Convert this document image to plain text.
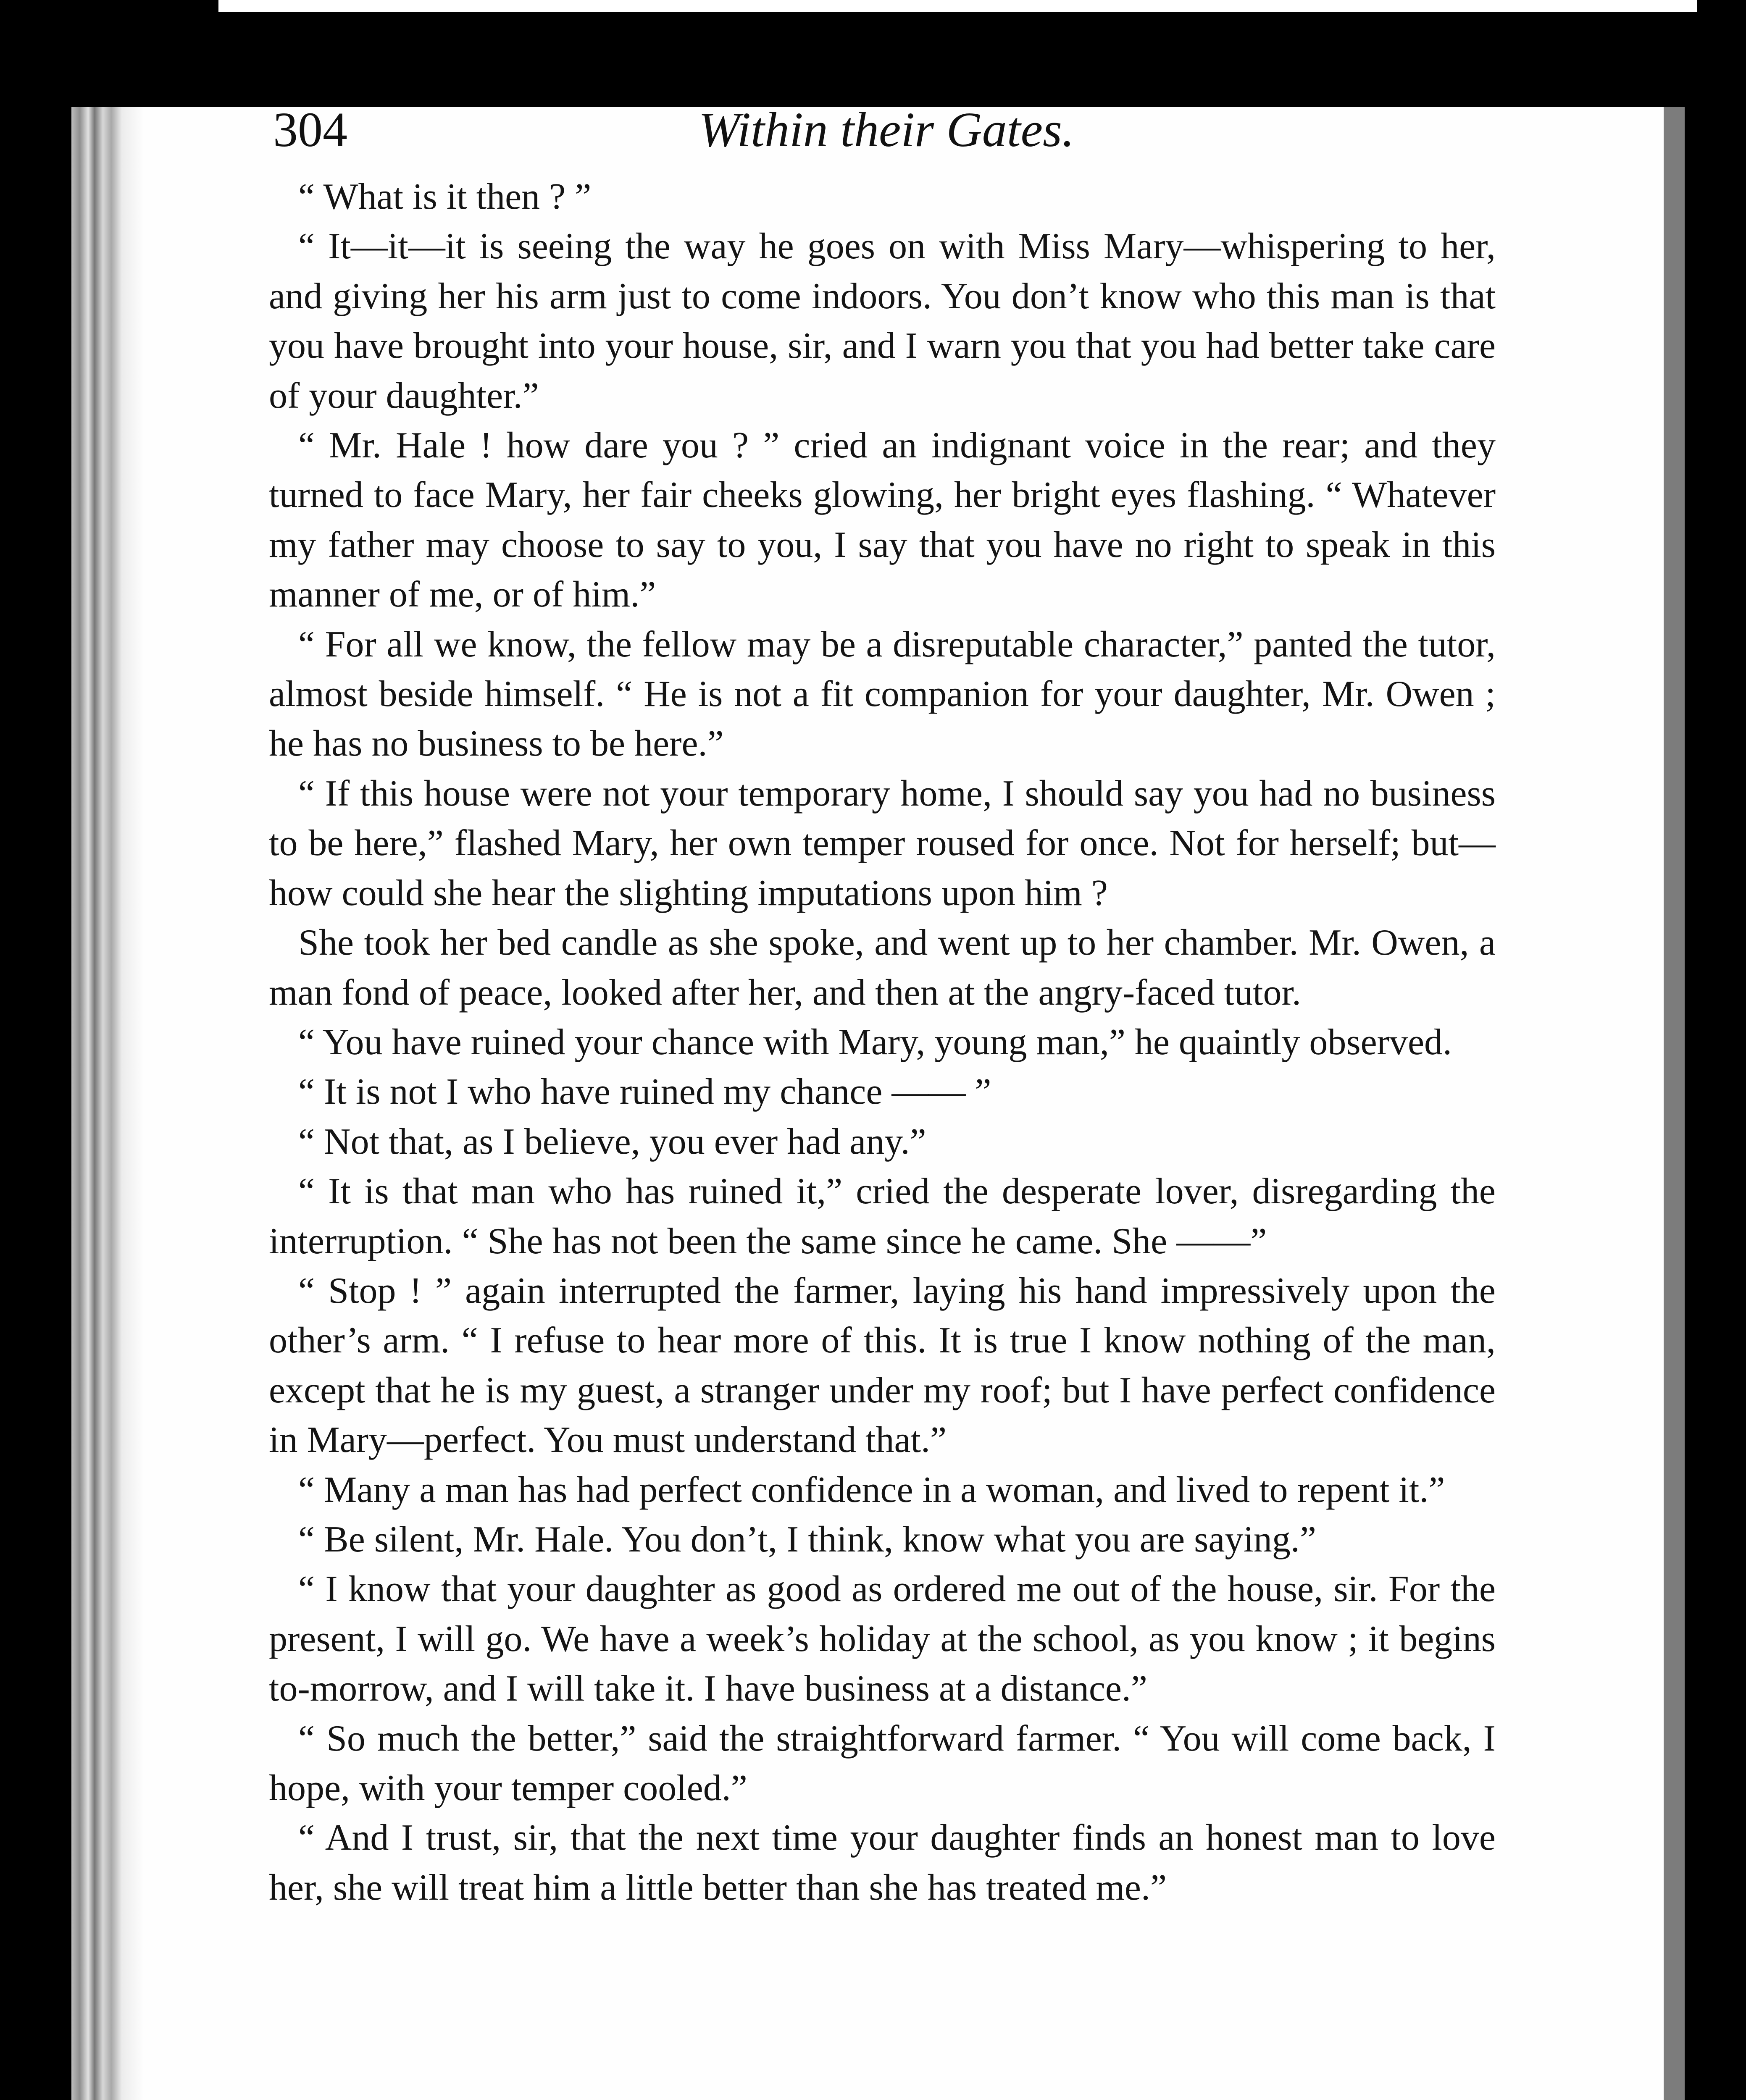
304	Within their Gates.

“ What is it then ? ”

“ It—it—it is seeing the way he goes on with Miss Mary—whispering to her, and giving her his arm just to come indoors. You don’t know who this man is that you have brought into your house, sir, and I warn you that you had better take care of your daughter.”

“ Mr. Hale ! how dare you ? ” cried an indignant voice in the rear; and they turned to face Mary, her fair cheeks glowing, her bright eyes flashing. “ Whatever my father may choose to say to you, I say that you have no right to speak in this manner of me, or of him.”

“ For all we know, the fellow may be a disreputable character,” panted the tutor, almost beside himself. “ He is not a fit companion for your daughter, Mr. Owen ; he has no business to be here.”

“ If this house were not your temporary home, I should say you had no business to be here,” flashed Mary, her own temper roused for once. Not for herself; but—how could she hear the slighting imputations upon him ?

She took her bed candle as she spoke, and went up to her chamber. Mr. Owen, a man fond of peace, looked after her, and then at the angry-faced tutor.

“ You have ruined your chance with Mary, young man,” he quaintly observed.

“ It is not I who have ruined my chance —— ”

“ Not that, as I believe, you ever had any.”

“ It is that man who has ruined it,” cried the desperate lover, disregarding the interruption. “ She has not been the same since he came. She ——”

“ Stop ! ” again interrupted the farmer, laying his hand impressively upon the other’s arm. “ I refuse to hear more of this. It is true I know nothing of the man, except that he is my guest, a stranger under my roof; but I have perfect confidence in Mary—perfect. You must understand that.”

“ Many a man has had perfect confidence in a woman, and lived to repent it.”

“ Be silent, Mr. Hale. You don’t, I think, know what you are saying.”

“ I know that your daughter as good as ordered me out of the house, sir. For the present, I will go. We have a week’s holiday at the school, as you know ; it begins to-morrow, and I will take it. I have business at a distance.”

“ So much the better,” said the straightforward farmer. “ You will come back, I hope, with your temper cooled.”

“ And I trust, sir, that the next time your daughter finds an honest man to love her, she will treat him a little better than she has treated me.”
